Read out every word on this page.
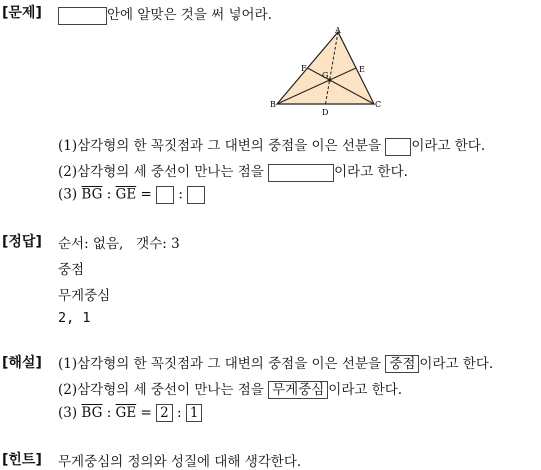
[문제]	안에 알맞은 것을 써 넣어라.
A
B	C
D
E
F
G
(1)삼각형의 한 꼭짓점과 그 대변의 중점을 이은 선분을 이라고 한다.
(2)삼각형의 세 중선이 만나는 점을	이라고 한다.
(3) $\overline{BG}$ : $\overline{GE}$ = :
[정답] 순서: 없음,   갯수: 3
중점
무게중심
2, 1
[해설] (1)삼각형의 한 꼭짓점과 그 대변의 중점을 이은 선분을 중점 이라고 한다.
(2)삼각형의 세 중선이 만나는 점을 무게중심 이라고 한다.
(3) $\overline{BG}$ : $\overline{GE} = 2$ : 1
[힌트] 무게중심의 정의와 성질에 대해 생각한다.
